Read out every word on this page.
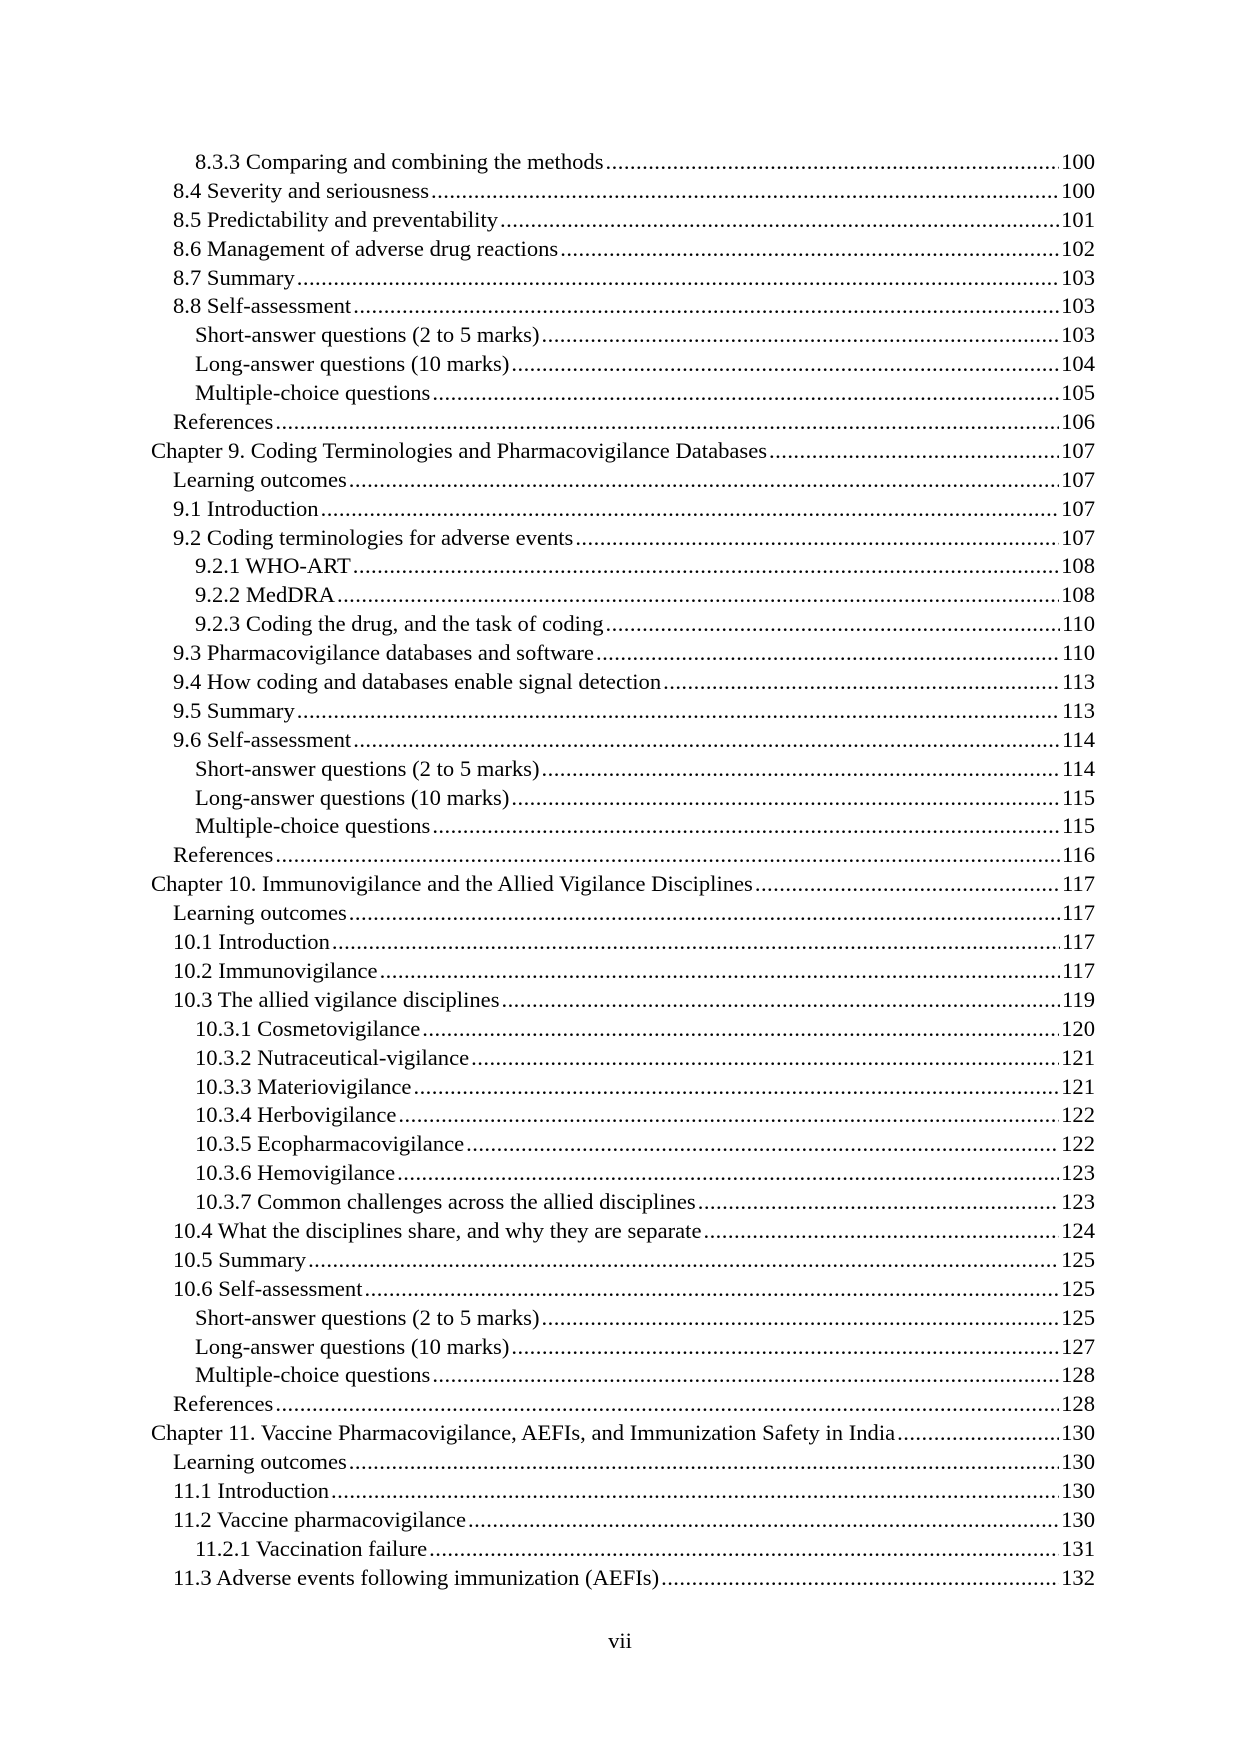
8.3.3 Comparing and combining the methods . . .	100
8.4 Severity and seriousness . . .	100
8.5 Predictability and preventability . . .	101
8.6 Management of adverse drug reactions . . .	102
8.7 Summary . . .	103
8.8 Self-assessment . . .	103
Short-answer questions (2 to 5 marks) . . .	103
Long-answer questions (10 marks) . . .	104
Multiple-choice questions . . .	105
References . . .	106
Chapter 9. Coding Terminologies and Pharmacovigilance Databases . . .	107
Learning outcomes . . .	107
9.1 Introduction . . .	107
9.2 Coding terminologies for adverse events . . .	107
9.2.1 WHO-ART . . .	108
9.2.2 MedDRA . . .	108
9.2.3 Coding the drug, and the task of coding . . .	110
9.3 Pharmacovigilance databases and software . . .	110
9.4 How coding and databases enable signal detection . . .	113
9.5 Summary . . .	113
9.6 Self-assessment . . .	114
Short-answer questions (2 to 5 marks) . . .	114
Long-answer questions (10 marks) . . .	115
Multiple-choice questions . . .	115
References . . .	116
Chapter 10. Immunovigilance and the Allied Vigilance Disciplines . . .	117
Learning outcomes . . .	117
10.1 Introduction . . .	117
10.2 Immunovigilance . . .	117
10.3 The allied vigilance disciplines . . .	119
10.3.1 Cosmetovigilance . . .	120
10.3.2 Nutraceutical-vigilance . . .	121
10.3.3 Materiovigilance . . .	121
10.3.4 Herbovigilance . . .	122
10.3.5 Ecopharmacovigilance . . .	122
10.3.6 Hemovigilance . . .	123
10.3.7 Common challenges across the allied disciplines . . .	123
10.4 What the disciplines share, and why they are separate . . .	124
10.5 Summary . . .	125
10.6 Self-assessment . . .	125
Short-answer questions (2 to 5 marks) . . .	125
Long-answer questions (10 marks) . . .	127
Multiple-choice questions . . .	128
References . . .	128
Chapter 11. Vaccine Pharmacovigilance, AEFIs, and Immunization Safety in India . . .	130
Learning outcomes . . .	130
11.1 Introduction . . .	130
11.2 Vaccine pharmacovigilance . . .	130
11.2.1 Vaccination failure . . .	131
11.3 Adverse events following immunization (AEFIs) . . .	132
vii
